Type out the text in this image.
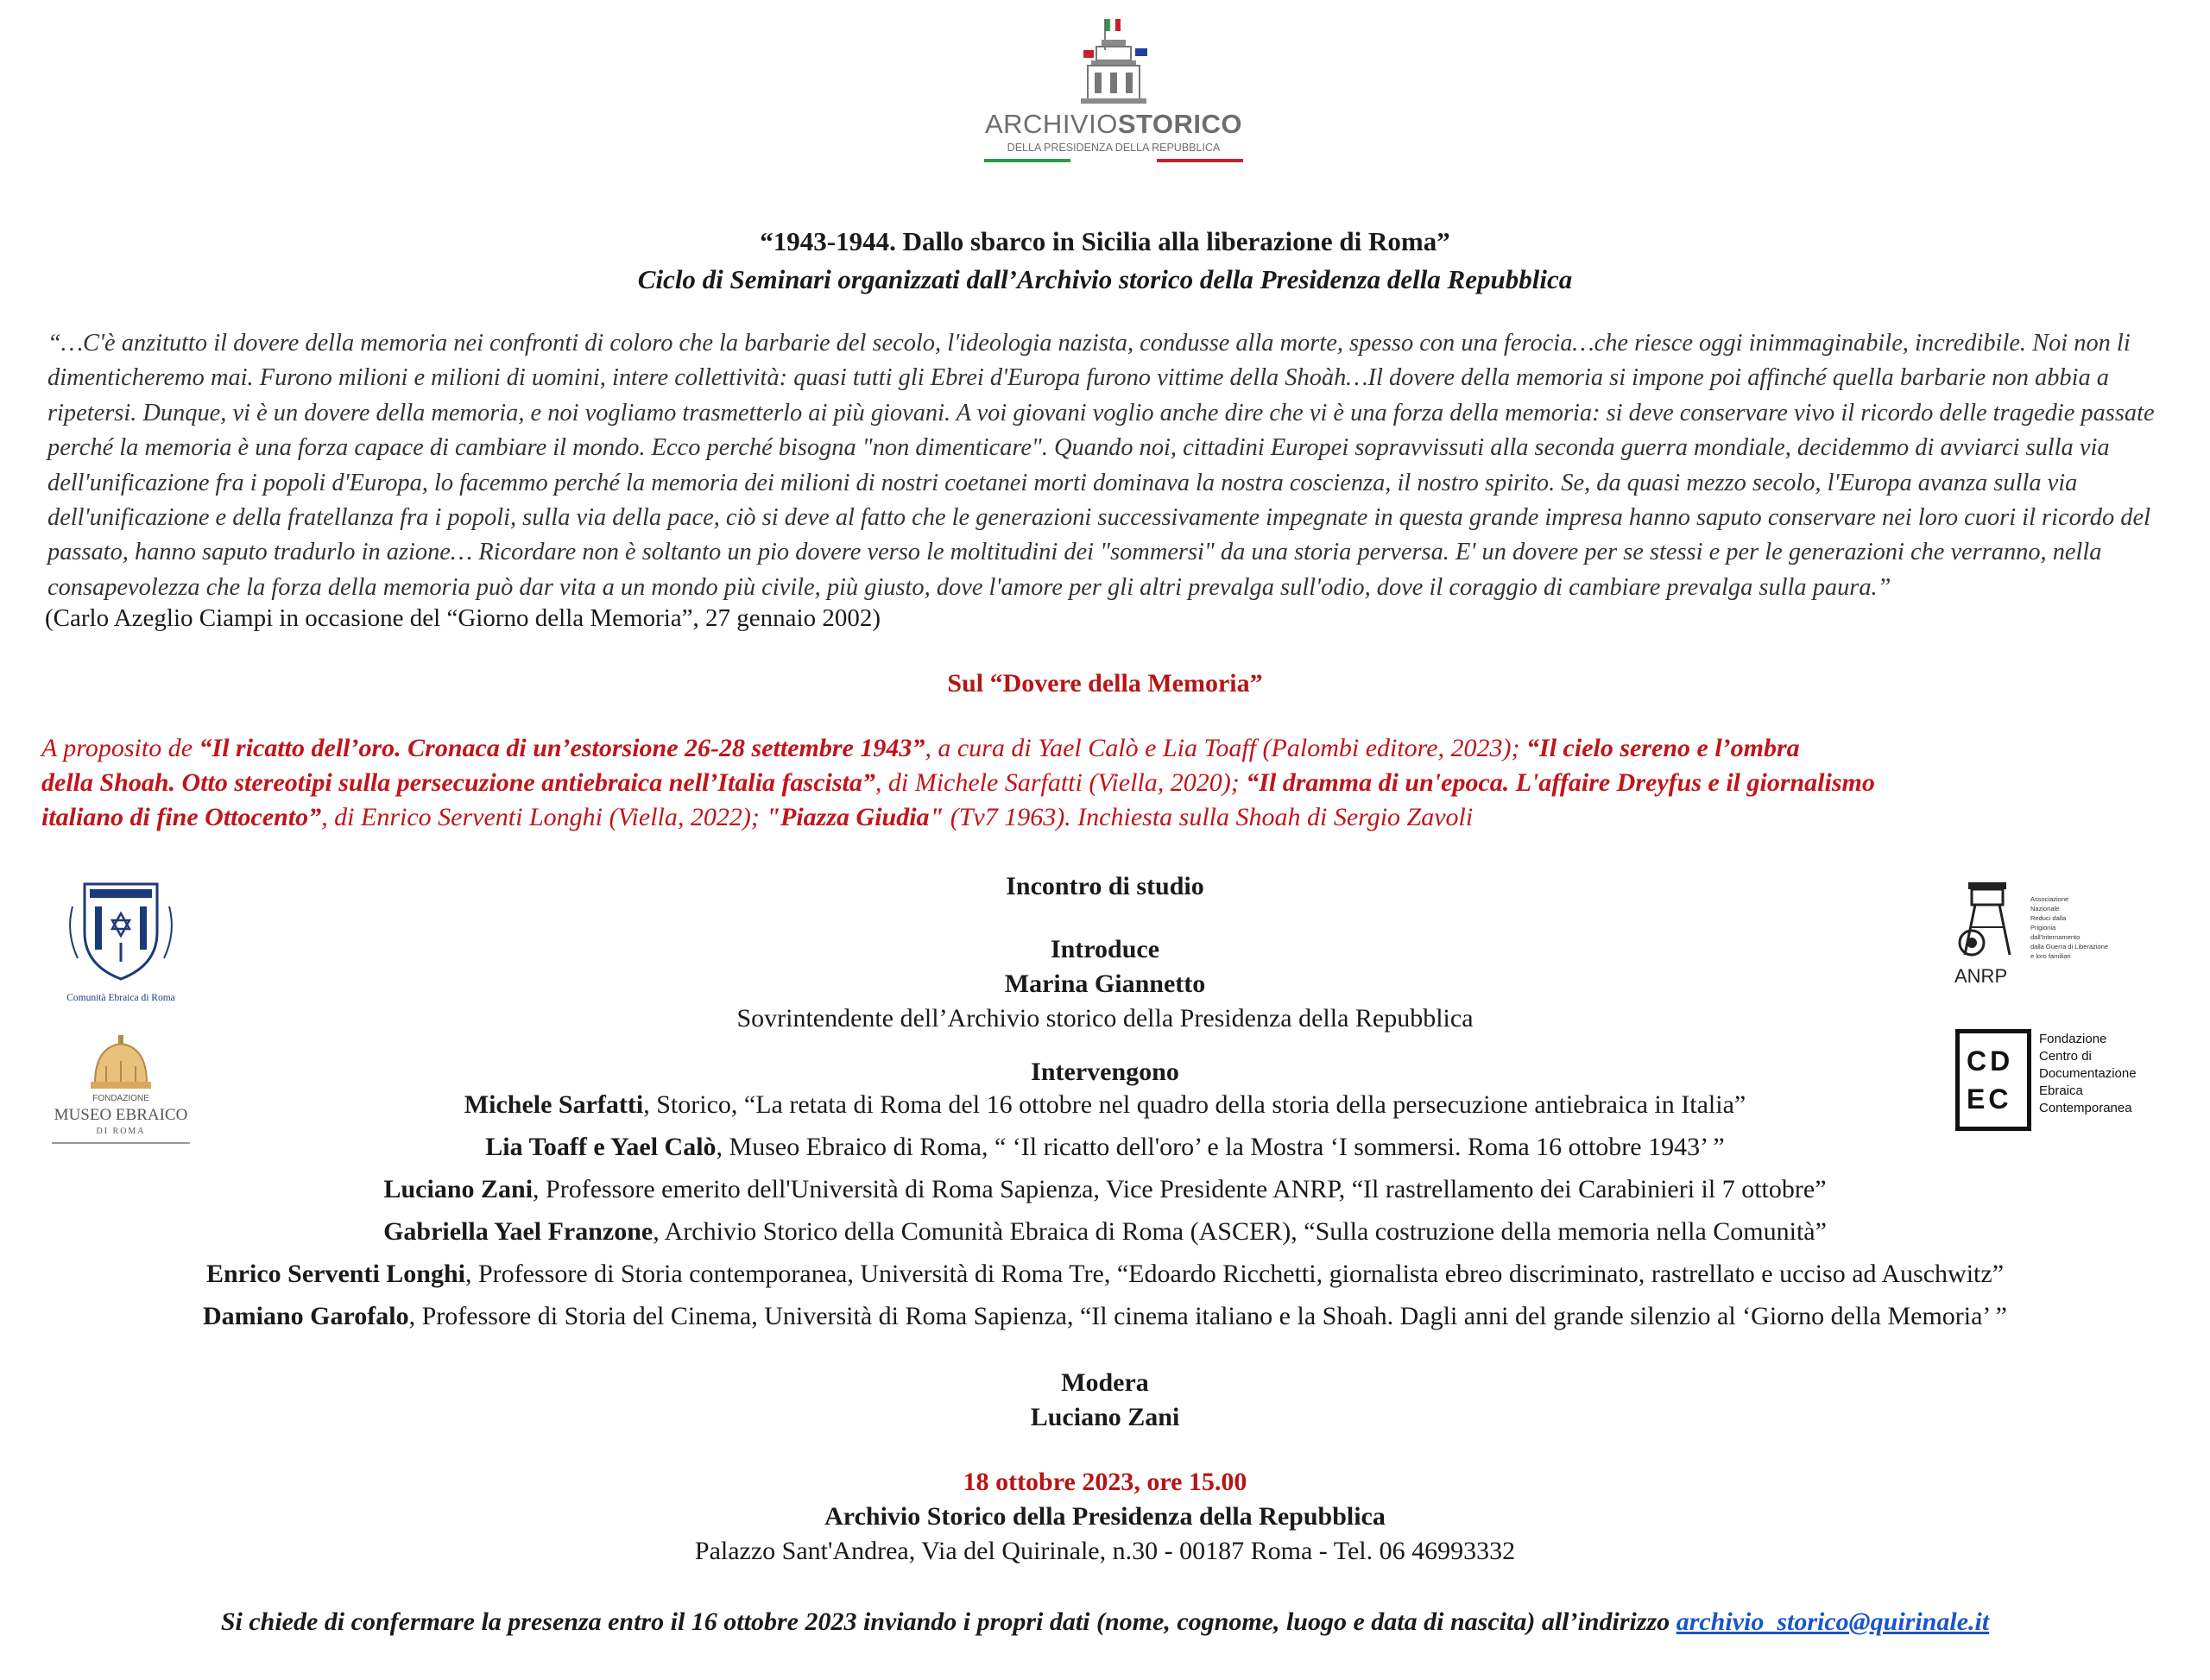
ARCHIVIOSTORICO
DELLA PRESIDENZA DELLA REPUBBLICA
“1943-1944. Dallo sbarco in Sicilia alla liberazione di Roma”
Ciclo di Seminari organizzati dall’Archivio storico della Presidenza della Repubblica
“…C'è anzitutto il dovere della memoria nei confronti di coloro che la barbarie del secolo, l'ideologia nazista, condusse alla morte, spesso con una ferocia…che riesce oggi inimmaginabile, incredibile. Noi non li
dimenticheremo mai. Furono milioni e milioni di uomini, intere collettività: quasi tutti gli Ebrei d'Europa furono vittime della Shoàh…Il dovere della memoria si impone poi affinché quella barbarie non abbia a
ripetersi. Dunque, vi è un dovere della memoria, e noi vogliamo trasmetterlo ai più giovani. A voi giovani voglio anche dire che vi è una forza della memoria: si deve conservare vivo il ricordo delle tragedie passate
perché la memoria è una forza capace di cambiare il mondo. Ecco perché bisogna "non dimenticare". Quando noi, cittadini Europei sopravvissuti alla seconda guerra mondiale, decidemmo di avviarci sulla via
dell'unificazione fra i popoli d'Europa, lo facemmo perché la memoria dei milioni di nostri coetanei morti dominava la nostra coscienza, il nostro spirito. Se, da quasi mezzo secolo, l'Europa avanza sulla via
dell'unificazione e della fratellanza fra i popoli, sulla via della pace, ciò si deve al fatto che le generazioni successivamente impegnate in questa grande impresa hanno saputo conservare nei loro cuori il ricordo del
passato, hanno saputo tradurlo in azione… Ricordare non è soltanto un pio dovere verso le moltitudini dei "sommersi" da una storia perversa. E' un dovere per se stessi e per le generazioni che verranno, nella
consapevolezza che la forza della memoria può dar vita a un mondo più civile, più giusto, dove l'amore per gli altri prevalga sull'odio, dove il coraggio di cambiare prevalga sulla paura.”
(Carlo Azeglio Ciampi in occasione del “Giorno della Memoria”, 27 gennaio 2002)
Sul “Dovere della Memoria”
A proposito de “Il ricatto dell’oro. Cronaca di un’estorsione 26-28 settembre 1943”, a cura di Yael Calò e Lia Toaff (Palombi editore, 2023); “Il cielo sereno e l’ombra
della Shoah. Otto stereotipi sulla persecuzione antiebraica nell’Italia fascista”, di Michele Sarfatti (Viella, 2020); “Il dramma di un'epoca. L'affaire Dreyfus e il giornalismo
italiano di fine Ottocento”, di Enrico Serventi Longhi (Viella, 2022); "Piazza Giudia" (Tv7 1963). Inchiesta sulla Shoah di Sergio Zavoli
Incontro di studio
Introduce
Marina Giannetto
Sovrintendente dell’Archivio storico della Presidenza della Repubblica
Intervengono
Michele Sarfatti, Storico, “La retata di Roma del 16 ottobre nel quadro della storia della persecuzione antiebraica in Italia”
Lia Toaff e Yael Calò, Museo Ebraico di Roma, “ ‘Il ricatto dell'oro’ e la Mostra ‘I sommersi. Roma 16 ottobre 1943’ ”
Luciano Zani, Professore emerito dell'Università di Roma Sapienza, Vice Presidente ANRP, “Il rastrellamento dei Carabinieri il 7 ottobre”
Gabriella Yael Franzone, Archivio Storico della Comunità Ebraica di Roma (ASCER), “Sulla costruzione della memoria nella Comunità”
Enrico Serventi Longhi, Professore di Storia contemporanea, Università di Roma Tre, “Edoardo Ricchetti, giornalista ebreo discriminato, rastrellato e ucciso ad Auschwitz”
Damiano Garofalo, Professore di Storia del Cinema, Università di Roma Sapienza, “Il cinema italiano e la Shoah. Dagli anni del grande silenzio al ‘Giorno della Memoria’ ”
Modera
Luciano Zani
18 ottobre 2023, ore 15.00
Archivio Storico della Presidenza della Repubblica
Palazzo Sant'Andrea, Via del Quirinale, n.30 - 00187 Roma - Tel. 06 46993332
Si chiede di confermare la presenza entro il 16 ottobre 2023 inviando i propri dati (nome, cognome, luogo e data di nascita) all’indirizzo archivio_storico@quirinale.it
Comunità Ebraica di Roma
FONDAZIONE
MUSEO EBRAICO
DI ROMA
ANRP
Associazione
Nazionale
Reduci dalla
Prigionia
dall'Internamento
dalla Guerra di Liberazione
e loro familiari
CD
EC
Fondazione
Centro di
Documentazione
Ebraica
Contemporanea
